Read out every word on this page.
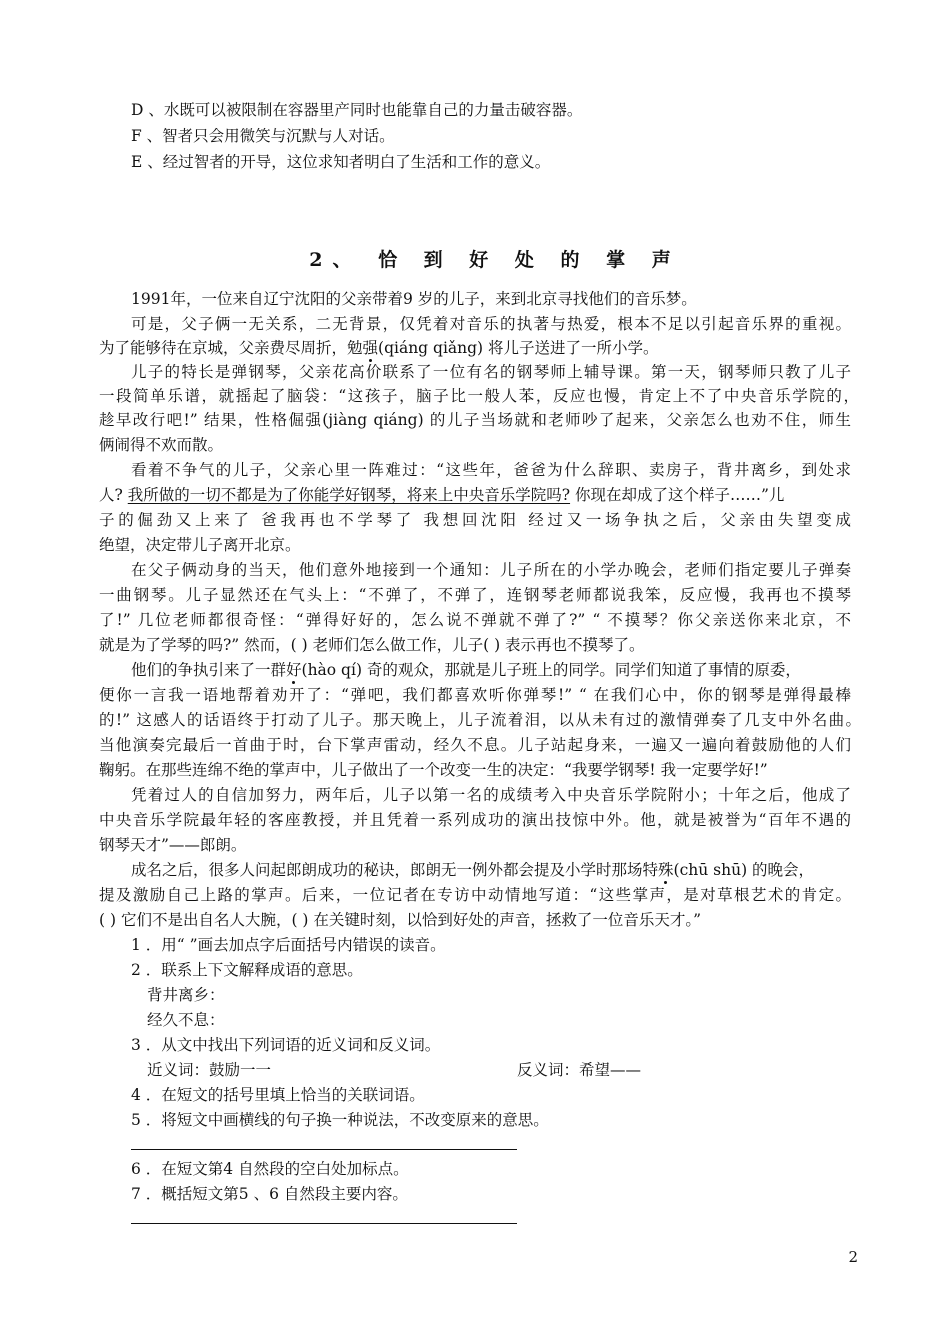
D 、水既可以被限制在容器里产同时也能靠自己的力量击破容器。
F 、智者只会用微笑与沉默与人对话。
E 、经过智者的开导，这位求知者明白了生活和工作的意义。
2、 恰 到 好 处 的 掌 声
1991年，一位来自辽宁沈阳的父亲带着9 岁的儿子，来到北京寻找他们的音乐梦。
可是，父子俩一无关系，二无背景，仅凭着对音乐的执著与热爱，根本不足以引起音乐界的重视。
为了能够待在京城，父亲费尽周折，勉强(qiáng qiǎng) 将儿子送进了一所小学。
儿子的特长是弹钢琴，父亲花高价联系了一位有名的钢琴师上辅导课。第一天，钢琴师只教了儿子
一段简单乐谱，就摇起了脑袋：“这孩子，脑子比一般人苯，反应也慢，肯定上不了中央音乐学院的，
趁早改行吧!” 结果，性格倔强(jiàng qiáng) 的儿子当场就和老师吵了起来，父亲怎么也劝不住，师生
俩闹得不欢而散。
看着不争气的儿子，父亲心里一阵难过：“这些年，爸爸为什么辞职、卖房子，背井离乡，到处求
人? 我所做的一切不都是为了你能学好钢琴，将来上中央音乐学院吗? 你现在却成了这个样子……”儿
子的倔劲又上来了 爸我再也不学琴了 我想回沈阳 经过又一场争执之后，父亲由失望变成
绝望，决定带儿子离开北京。
在父子俩动身的当天，他们意外地接到一个通知：儿子所在的小学办晚会，老师们指定要儿子弹奏
一曲钢琴。儿子显然还在气头上：“不弹了，不弹了，连钢琴老师都说我笨，反应慢，我再也不摸琴
了!” 几位老师都很奇怪：“弹得好好的，怎么说不弹就不弹了?” “ 不摸琴？你父亲送你来北京，不
就是为了学琴的吗?” 然而，( ) 老师们怎么做工作，儿子( ) 表示再也不摸琴了。
他们的争执引来了一群好(hào qí) 奇的观众，那就是儿子班上的同学。同学们知道了事情的原委，
便你一言我一语地帮着劝开了：“弹吧，我们都喜欢听你弹琴!” “ 在我们心中，你的钢琴是弹得最棒
的!” 这感人的话语终于打动了儿子。那天晚上，儿子流着泪，以从未有过的激情弹奏了几支中外名曲。
当他演奏完最后一首曲于时，台下掌声雷动，经久不息。儿子站起身来，一遍又一遍向着鼓励他的人们
鞠躬。在那些连绵不绝的掌声中，儿子做出了一个改变一生的决定：“我要学钢琴! 我一定要学好!”
凭着过人的自信加努力，两年后，儿子以第一名的成绩考入中央音乐学院附小；十年之后，他成了
中央音乐学院最年轻的客座教授，并且凭着一系列成功的演出技惊中外。他，就是被誉为“百年不遇的
钢琴天才”——郎朗。
成名之后，很多人问起郎朗成功的秘诀，郎朗无一例外都会提及小学时那场特殊(chū shū) 的晚会，
提及激励自己上路的掌声。后来，一位记者在专访中动情地写道：“这些掌声，是对草根艺术的肯定。
( ) 它们不是出自名人大腕，( ) 在关键时刻，以恰到好处的声音，拯救了一位音乐天才。”
1 ．用“ ”画去加点字后面括号内错误的读音。
2 ．联系上下文解释成语的意思。
背井离乡：
经久不息：
3 ．从文中找出下列词语的近义词和反义词。
近义词：鼓励一一	反义词：希望——
4 ．在短文的括号里填上恰当的关联词语。
5 ．将短文中画横线的句子换一种说法，不改变原来的意思。
6 ．在短文第4 自然段的空白处加标点。
7 ．概括短文第5 、6 自然段主要内容。
2
